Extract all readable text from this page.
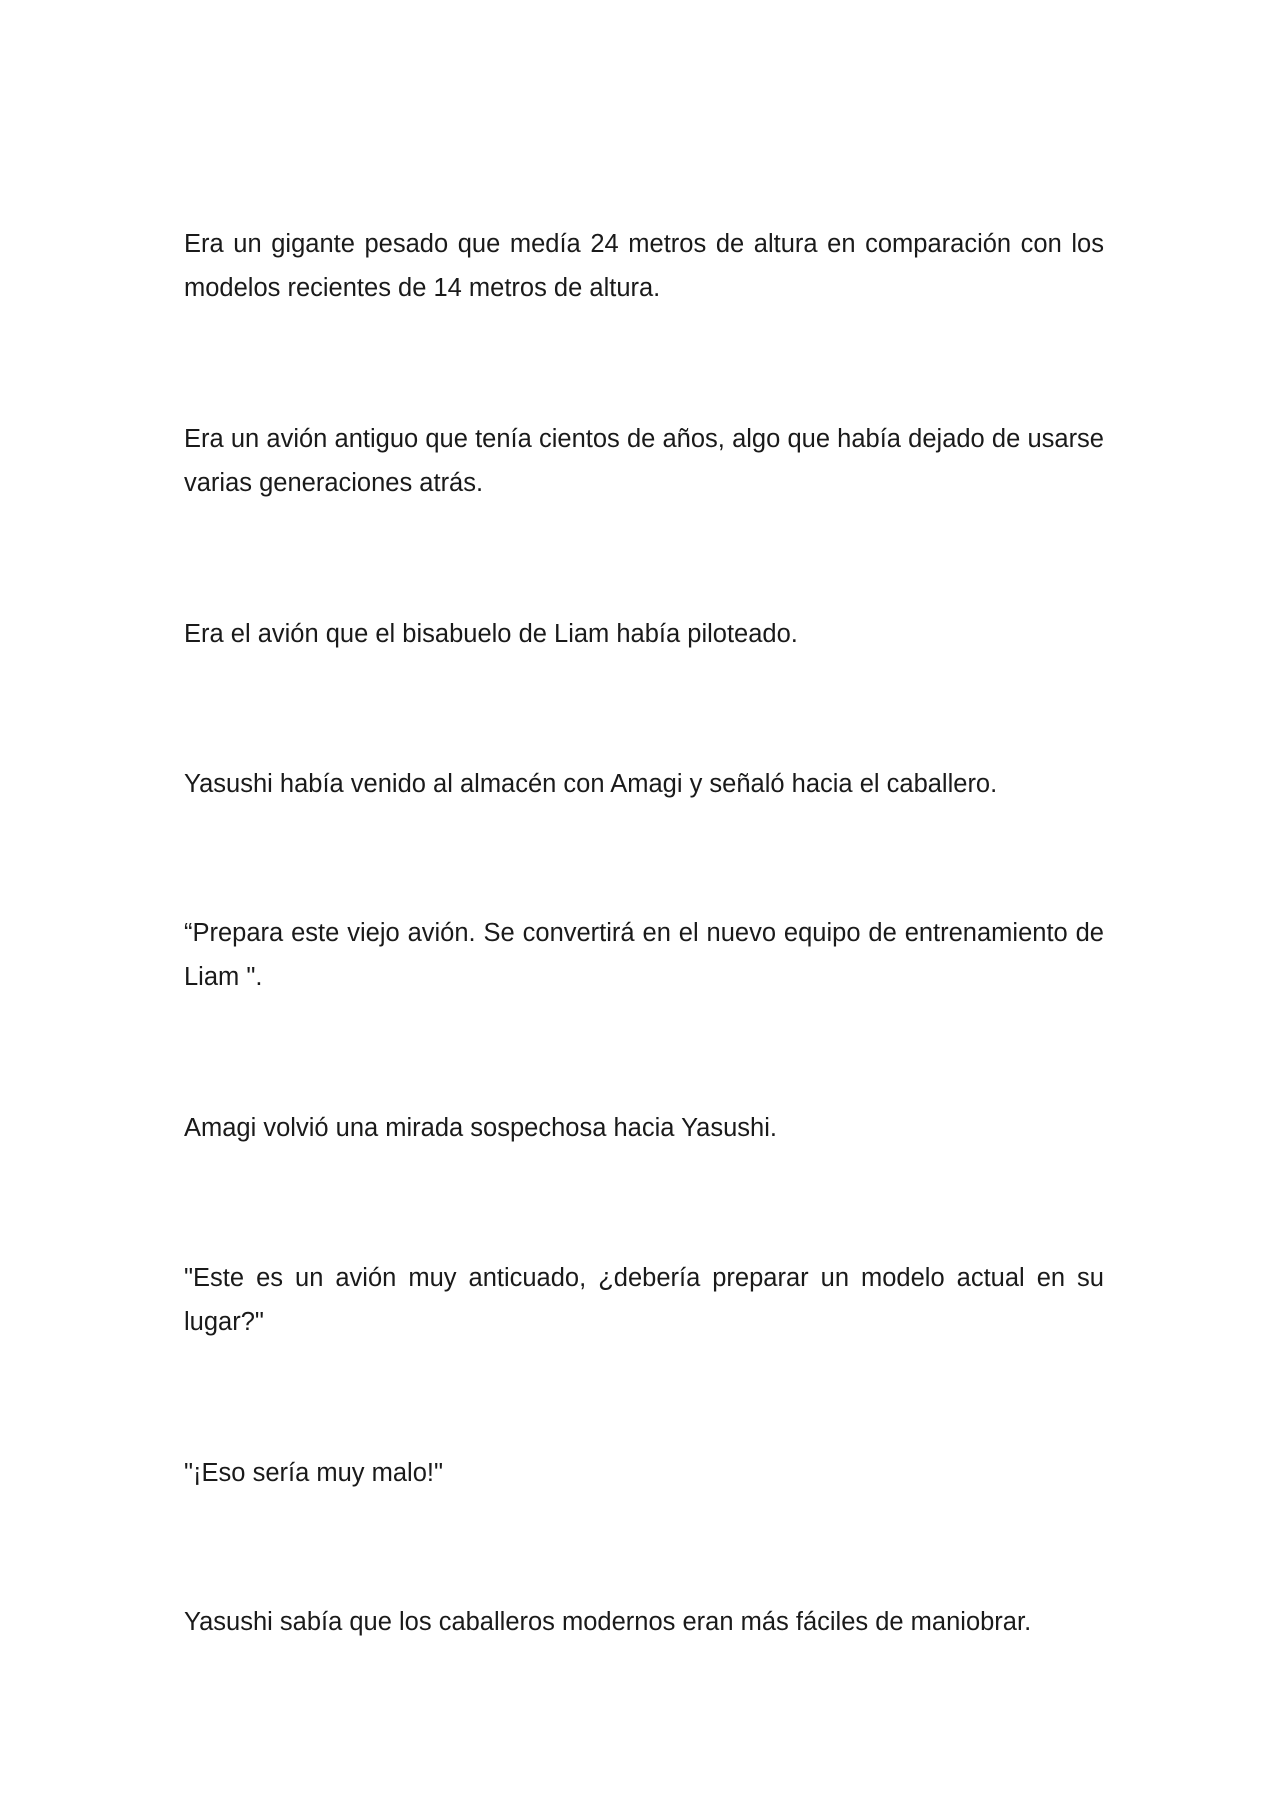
Era un gigante pesado que medía 24 metros de altura en comparación con los modelos recientes de 14 metros de altura.

Era un avión antiguo que tenía cientos de años, algo que había dejado de usarse varias generaciones atrás.

Era el avión que el bisabuelo de Liam había piloteado.

Yasushi había venido al almacén con Amagi y señaló hacia el caballero.

“Prepara este viejo avión. Se convertirá en el nuevo equipo de entrenamiento de Liam ".

Amagi volvió una mirada sospechosa hacia Yasushi.

"Este es un avión muy anticuado, ¿debería preparar un modelo actual en su lugar?"

"¡Eso sería muy malo!"

Yasushi sabía que los caballeros modernos eran más fáciles de maniobrar.
